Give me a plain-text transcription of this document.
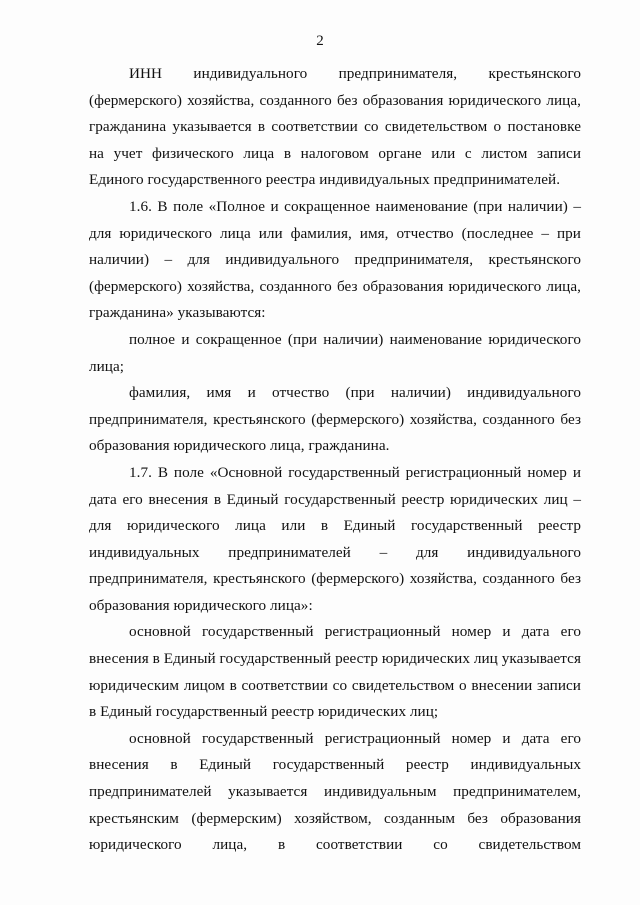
2

ИНН индивидуального предпринимателя, крестьянского (фермерского) хозяйства, созданного без образования юридического лица, гражданина указывается в соответствии со свидетельством о постановке на учет физического лица в налоговом органе или с листом записи Единого государственного реестра индивидуальных предпринимателей.

1.6. В поле «Полное и сокращенное наименование (при наличии) – для юридического лица или фамилия, имя, отчество (последнее – при наличии) – для индивидуального предпринимателя, крестьянского (фермерского) хозяйства, созданного без образования юридического лица, гражданина» указываются:

полное и сокращенное (при наличии) наименование юридического лица;

фамилия, имя и отчество (при наличии) индивидуального предпринимателя, крестьянского (фермерского) хозяйства, созданного без образования юридического лица, гражданина.

1.7. В поле «Основной государственный регистрационный номер и дата его внесения в Единый государственный реестр юридических лиц – для юридического лица или в Единый государственный реестр индивидуальных предпринимателей – для индивидуального предпринимателя, крестьянского (фермерского) хозяйства, созданного без образования юридического лица»:

основной государственный регистрационный номер и дата его внесения в Единый государственный реестр юридических лиц указывается юридическим лицом в соответствии со свидетельством о внесении записи в Единый государственный реестр юридических лиц;

основной государственный регистрационный номер и дата его внесения в Единый государственный реестр индивидуальных предпринимателей указывается индивидуальным предпринимателем, крестьянским (фермерским) хозяйством, созданным без образования юридического лица, в соответствии со свидетельством
